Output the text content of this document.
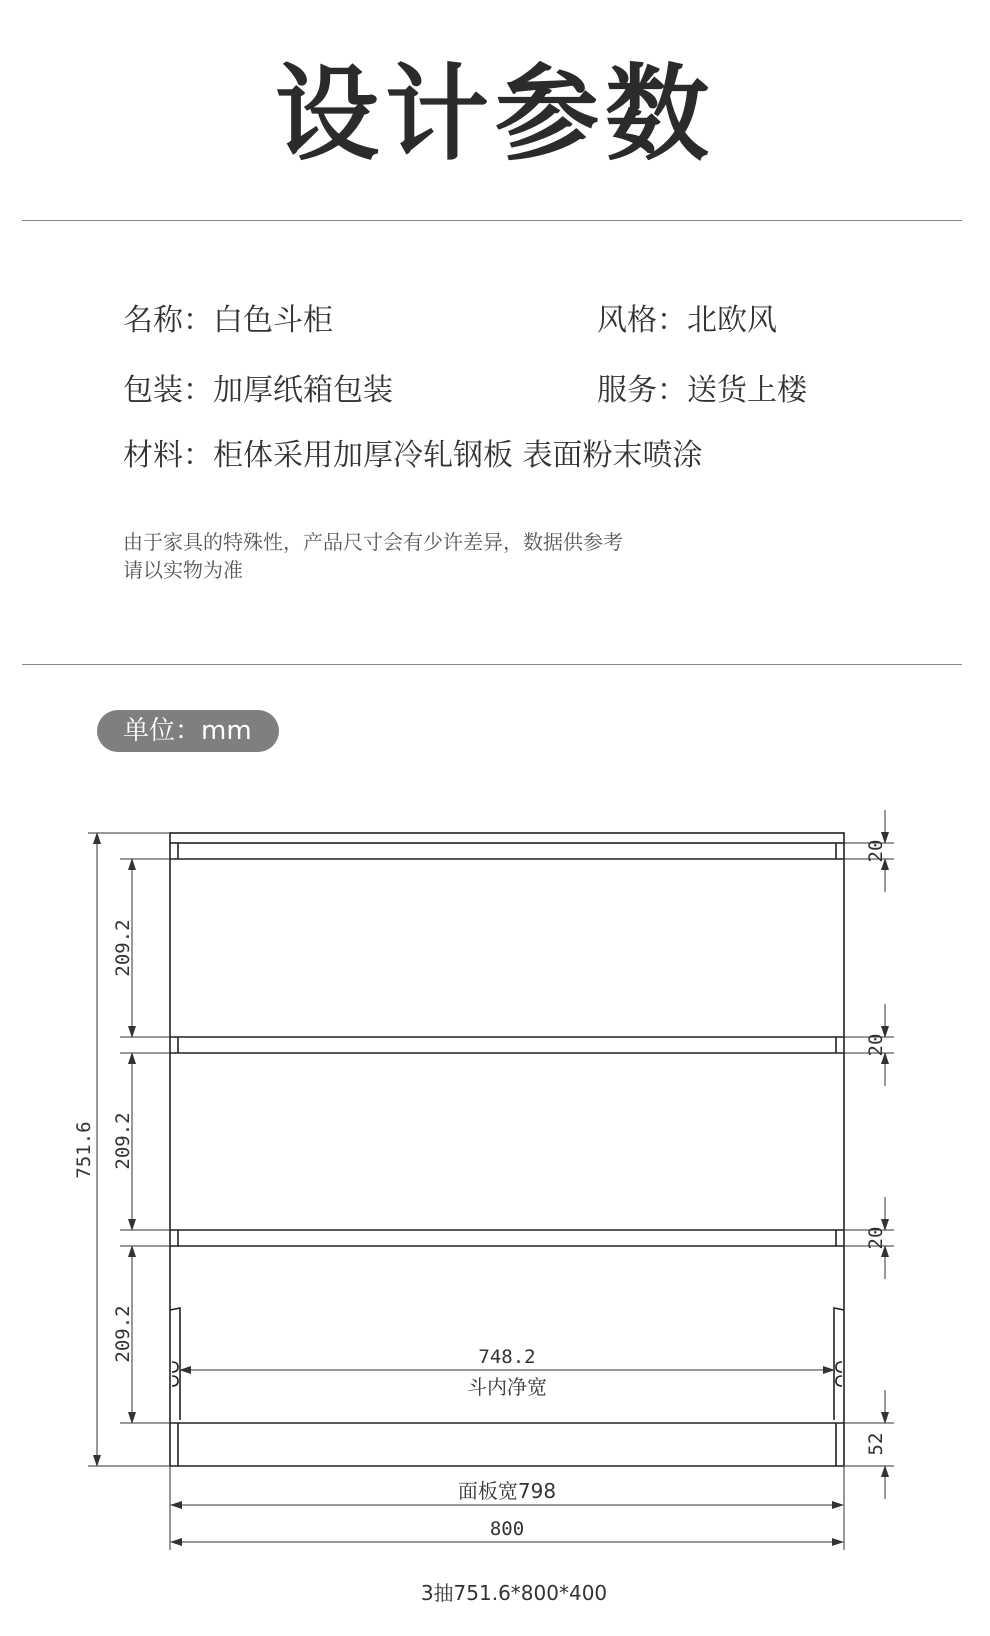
设计参数
名称：白色斗柜	风格：北欧风
包装：加厚纸箱包装	服务：送货上楼
材料：柜体采用加厚冷轧钢板 表面粉末喷涂
由于家具的特殊性，产品尺寸会有少许差异，数据供参考
请以实物为准
单位：mm
751.6
209.2
209.2
209.2
20
20
20
52
748.2
斗内净宽
面板宽798
800
3抽751.6*800*400
